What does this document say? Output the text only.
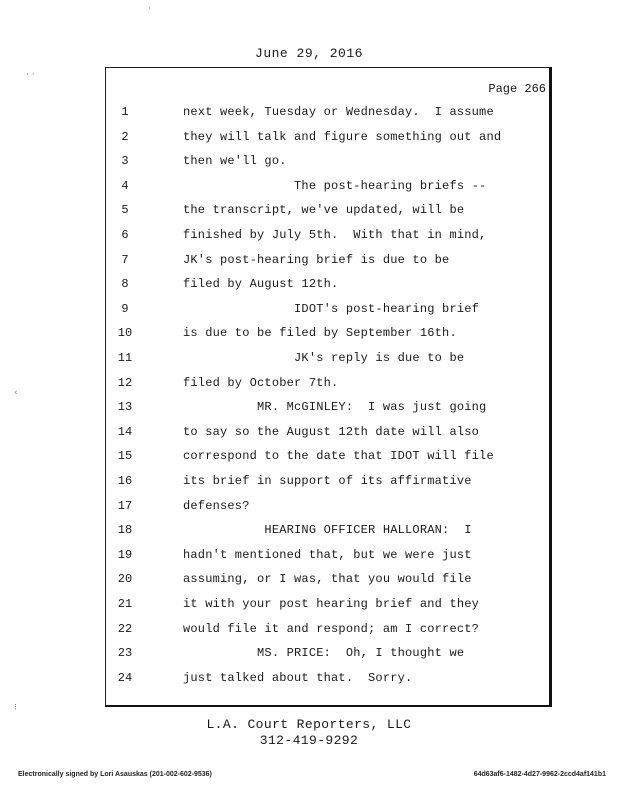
June 29, 2016
Page 266
1	next week, Tuesday or Wednesday.  I assume
2	they will talk and figure something out and
3	then we'll go.
4	The post-hearing briefs --
5	the transcript, we've updated, will be
6	finished by July 5th.  With that in mind,
7	JK's post-hearing brief is due to be
8	filed by August 12th.
9	IDOT's post-hearing brief
10	is due to be filed by September 16th.
11	JK's reply is due to be
12	filed by October 7th.
13	MR. McGINLEY:  I was just going
14	to say so the August 12th date will also
15	correspond to the date that IDOT will file
16	its brief in support of its affirmative
17	defenses?
18	HEARING OFFICER HALLORAN:  I
19	hadn't mentioned that, but we were just
20	assuming, or I was, that you would file
21	it with your post hearing brief and they
22	would file it and respond; am I correct?
23	MS. PRICE:  Oh, I thought we
24	just talked about that.  Sorry.
L.A. Court Reporters, LLC
312-419-9292
Electronically signed by Lori Asauskas (201-002-602-9536)	64d63af6-1482-4d27-9962-2ccd4af141b1
·
· ·
‹
⁝
